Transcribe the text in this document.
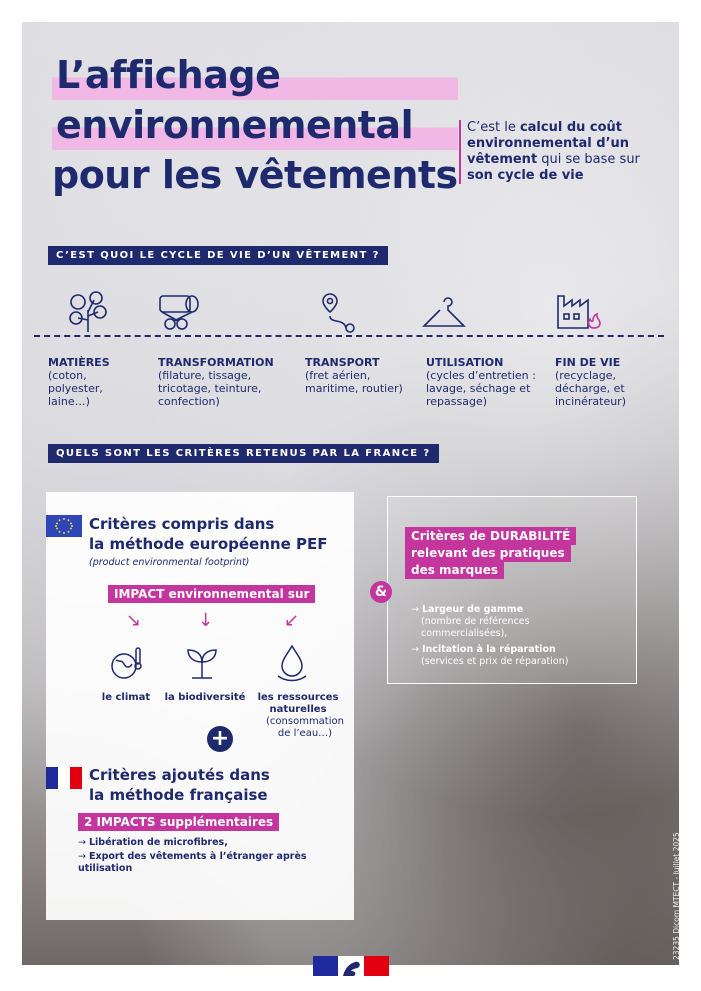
L’affichage
environnemental
pour les vêtements
C’est le calcul du coût environnemental d’un vêtement qui se base sur son cycle de vie
C’EST QUOI LE CYCLE DE VIE D’UN VÊTEMENT ?
MATIÈRES
(coton,
polyester,
laine…)
TRANSFORMATION
(filature, tissage,
tricotage, teinture,
confection)
TRANSPORT
(fret aérien,
maritime, routier)
UTILISATION
(cycles d’entretien :
lavage, séchage et
repassage)
FIN DE VIE
(recyclage,
décharge, et
incinérateur)
QUELS SONT LES CRITÈRES RETENUS PAR LA FRANCE ?
Critères compris dans
la méthode européenne PEF
(product environmental footprint)
IMPACT environnemental sur
↘	↓	↙
le climat	la biodiversité	les ressources naturelles

(consommation de l’eau…)
+
Critères ajoutés dans
la méthode française
2 IMPACTS supplémentaires
→ Libération de microfibres,
→ Export des vêtements à l’étranger après utilisation
Critères de DURABILITÉ
relevant des pratiques
des marques
&
→ Largeur de gamme
(nombre de références commercialisées),
→ Incitation à la réparation
(services et prix de réparation)
23235 Dicom MTECT - Juillet 2025
